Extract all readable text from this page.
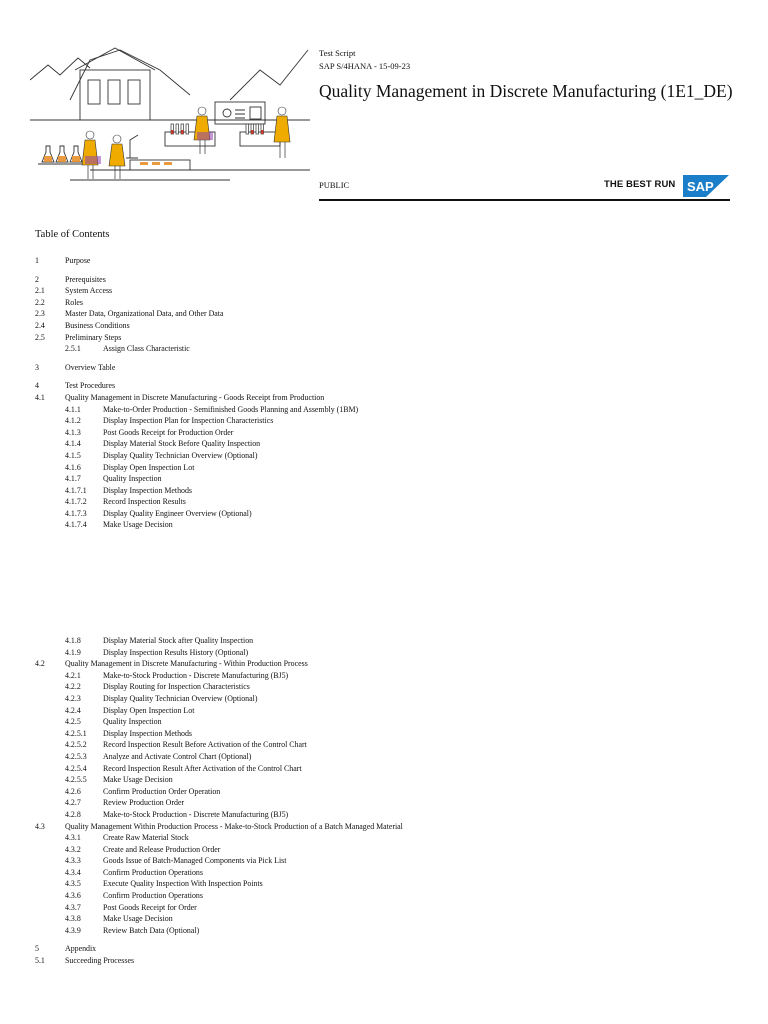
Test Script
SAP S/4HANA - 15-09-23
Quality Management in Discrete Manufacturing (1E1_DE)
PUBLIC	THE BEST RUN SAP
Table of Contents
1	Purpose
2	Prerequisites
2.1	System Access
2.2	Roles
2.3	Master Data, Organizational Data, and Other Data
2.4	Business Conditions
2.5	Preliminary Steps
2.5.1	Assign Class Characteristic
3	Overview Table
4	Test Procedures
4.1	Quality Management in Discrete Manufacturing - Goods Receipt from Production
4.1.1	Make-to-Order Production - Semifinished Goods Planning and Assembly (1BM)
4.1.2	Display Inspection Plan for Inspection Characteristics
4.1.3	Post Goods Receipt for Production Order
4.1.4	Display Material Stock Before Quality Inspection
4.1.5	Display Quality Technician Overview (Optional)
4.1.6	Display Open Inspection Lot
4.1.7	Quality Inspection
4.1.7.1 Display Inspection Methods
4.1.7.2 Record Inspection Results
4.1.7.3 Display Quality Engineer Overview (Optional)
4.1.7.4 Make Usage Decision
4.1.8	Display Material Stock after Quality Inspection
4.1.9	Display Inspection Results History (Optional)
4.2	Quality Management in Discrete Manufacturing - Within Production Process
4.2.1	Make-to-Stock Production - Discrete Manufacturing (BJ5)
4.2.2	Display Routing for Inspection Characteristics
4.2.3	Display Quality Technician Overview (Optional)
4.2.4	Display Open Inspection Lot
4.2.5	Quality Inspection
4.2.5.1 Display Inspection Methods
4.2.5.2 Record Inspection Result Before Activation of the Control Chart
4.2.5.3 Analyze and Activate Control Chart (Optional)
4.2.5.4 Record Inspection Result After Activation of the Control Chart
4.2.5.5 Make Usage Decision
4.2.6	Confirm Production Order Operation
4.2.7	Review Production Order
4.2.8	Make-to-Stock Production - Discrete Manufacturing (BJ5)
4.3	Quality Management Within Production Process - Make-to-Stock Production of a Batch Managed Material
4.3.1	Create Raw Material Stock
4.3.2	Create and Release Production Order
4.3.3	Goods Issue of Batch-Managed Components via Pick List
4.3.4	Confirm Production Operations
4.3.5	Execute Quality Inspection With Inspection Points
4.3.6	Confirm Production Operations
4.3.7	Post Goods Receipt for Order
4.3.8	Make Usage Decision
4.3.9	Review Batch Data (Optional)
5	Appendix
5.1	Succeeding Processes
